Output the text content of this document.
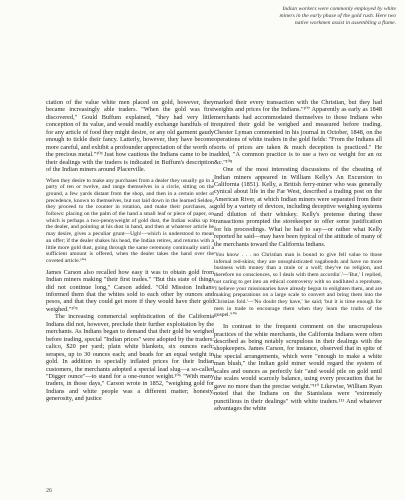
Indian workers were commonly employed by white miners in the early phase of the gold rush. Here two native workmen assist in assembling a flume.

ciation of the value white men placed on gold, however, they became increasingly able traders. "When the gold was first discovered," Gould Buffum explained, "they had very little conception of its value, and would readily exchange handfuls of it for any article of food they might desire, or any old garment gaudy enough to tickle their fancy. Latterly, however, they have become more careful, and exhibit a profounder appreciation of the worth of the precious metal."¹⁰³ Just how cautious the Indians came to be in their dealings with the traders is indicated in Buffum's description of the Indian miners around Placerville.

When they desire to make any purchases from a dealer they usually go in a party of ten or twelve, and range themselves in a circle, sitting on the ground, a few yards distant from the shop, and then in a certain order of precedence, known to themselves, but not laid down in the learned Selden, they proceed to the counter in rotation, and make their purchases, as follows: placing on the palm of the hand a small leaf or piece of paper, on which is perhaps a two-pennyweight of gold dust, the Indian walks up to the dealer, and pointing at his dust in hand, and then at whatever article he may desire, gives a peculiar grunt—Ugh!—which is understood to mean an offer; if the dealer shakes his head, the Indian retires, and returns with a little more gold dust, going through the same ceremony continually until a sufficient amount is offered, when the dealer takes the hand over the coveted article.¹⁰⁴

James Carson also recalled how easy it was to obtain gold from Indian miners making "their first trades." "But this state of things did not continue long," Carson added. "Old Mission Indians informed them that the whites sold to each other by ounces and pesos, and that they could get more if they would have their gold weighed."¹⁰⁵

The increasing commercial sophistication of the California Indians did not, however, preclude their further exploitation by the merchants. As Indians began to demand that their gold be weighed before trading, special "Indian prices" were adopted by the traders: calico, $20 per yard; plain white blankets, six ounces each; serapes, up to 30 ounces each; and beads for an equal weight in gold. In addition to specially inflated prices for their Indian customers, the merchants adopted a special lead slug—a so-called "Digger ounce"—to stand for a one-ounce weight.¹⁰⁶ "With many traders, in those days," Carson wrote in 1852, "weighing gold for Indians and white people was a different matter; honesty, generosity, and justice

marked their every transaction with the Christian, but they had weights and prices for the Indians."¹⁰⁷ Apparently as early as 1848 merchants had accommodated themselves to those Indians who required their gold be weighed and measured before trading. Chester Lyman commented in his journal in October, 1848, on the operations of white traders in the gold fields: "From the Indians all sorts of prices are taken & much deception is practiced." He added, "A common practice is to use a two oz weight for an oz &c."¹⁰⁸

One of the most interesting discussions of the cheating of Indian miners appeared in William Kelly's An Excursion to California (1851). Kelly, a British ferry-miner who was generally cynical about life in the Far West, described a trading post on the American River, at which Indian miners were separated from their gold by a variety of devices, including deceptive weighing systems and dilution of their whiskey. Kelly's pretense during these transactions prompted the storekeeper to offer some justification for his proceedings. What he had to say—or rather what Kelly reported he said—may have been typical of the attitude of many of the merchants toward the California Indians.

'You know . . . no Christian man is bound to give fell value to those infernal red-skins; they are unsophisticated vagabonds and have no more business with money than a mule or a wolf; they've no religion, and therefore no consciences, so I deals with them accordin'.'—'But,' I replied, not caring to get into an ethical controversy with so undiluted a reprobate, 'I believe your missionaries have already begun to enlighten them, and are making preparations on a large scale to convert and bring them into the Christian fold.'—'No doubt they have,' he said; 'but it is time enough for men in trade to encourage them when they learn the truths of the gospel.'¹⁰⁹

In contrast to the frequent comment on the unscrupulous practices of the white merchants, the California Indians were often described as being notably scrupulous in their dealings with the shopkeepers. James Carson, for instance, observed that in spite of the special arrangements, which were "enough to make a white man blush," the Indian gold miner would regard the system of scales and ounces as perfectly fair "and would pile on gold until the scales would scarcely balance, using every precaution that he gave no more than the precise weight."¹¹⁰ Likewise, William Ryan noted that the Indians on the Stanislaus were "extremely punctilious in their dealings" with white traders.¹¹¹ And whatever advantages the white

26
